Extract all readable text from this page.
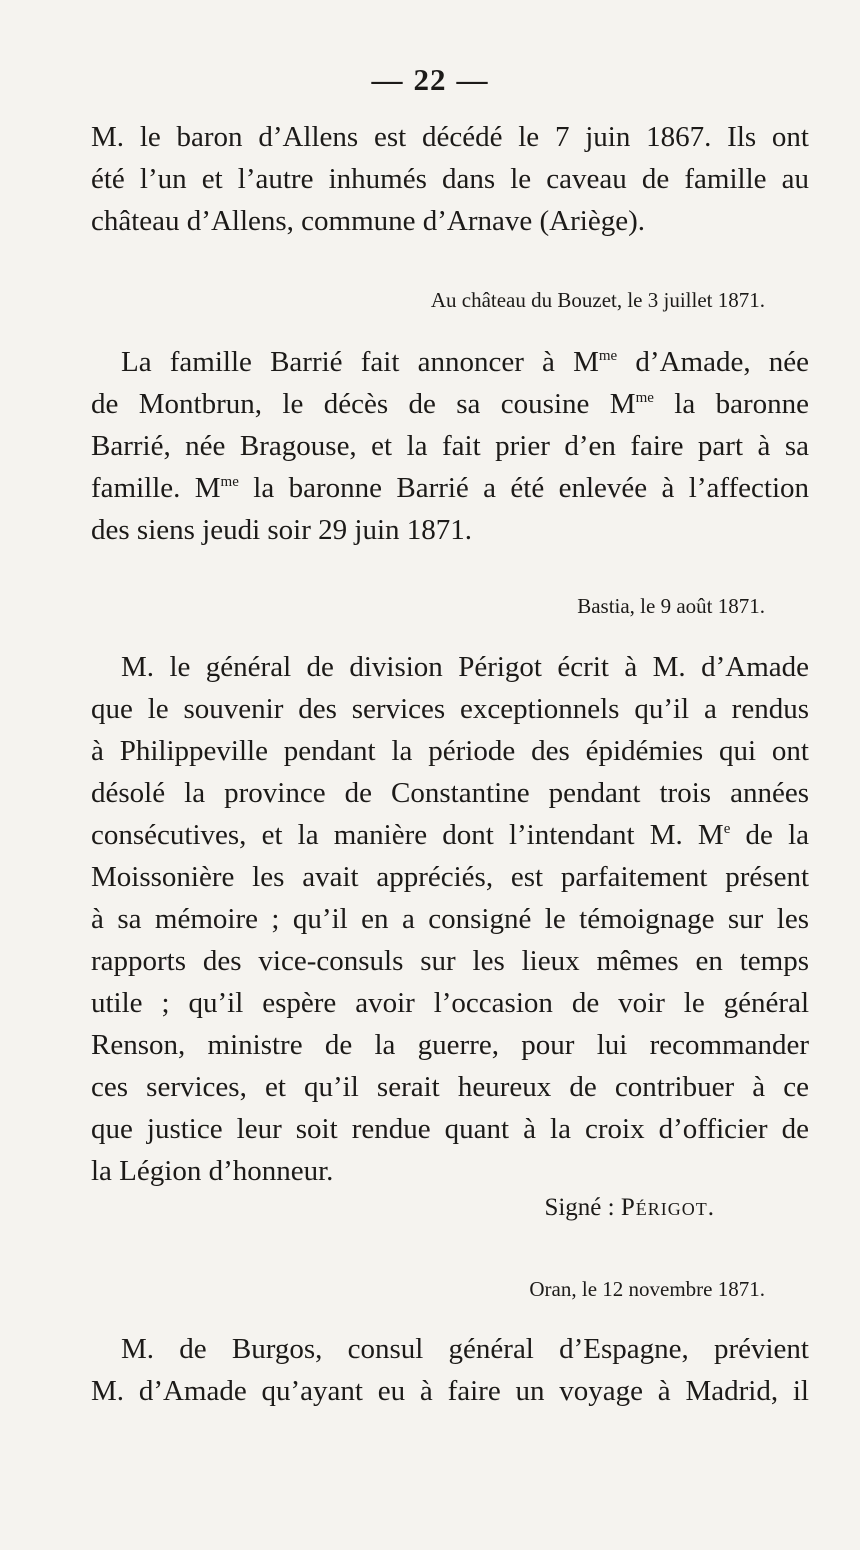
— 22 —
M. le baron d’Allens est décédé le 7 juin 1867. Ils ont
été l’un et l’autre inhumés dans le caveau de famille au
château d’Allens, commune d’Arnave (Ariège).
Au château du Bouzet, le 3 juillet 1871.
La famille Barrié fait annoncer à $M^{me}$ d’Amade, née
de Montbrun, le décès de sa cousine $M^{me}$ la baronne
Barrié, née Bragouse, et la fait prier d’en faire part à sa
famille. $M^{me}$ la baronne Barrié a été enlevée à l’affection
des siens jeudi soir 29 juin 1871.
Bastia, le 9 août 1871.
M. le général de division Périgot écrit à M. d’Amade
que le souvenir des services exceptionnels qu’il a rendus
à Philippeville pendant la période des épidémies qui ont
désolé la province de Constantine pendant trois années
consécutives, et la manière dont l’intendant M. Me de la
Moissonière les avait appréciés, est parfaitement présent
à sa mémoire ; qu’il en a consigné le témoignage sur les
rapports des vice-consuls sur les lieux mêmes en temps
utile ; qu’il espère avoir l’occasion de voir le général
Renson, ministre de la guerre, pour lui recommander
ces services, et qu’il serait heureux de contribuer à ce
que justice leur soit rendue quant à la croix d’officier de
la Légion d’honneur.
Signé : Périgot.
Oran, le 12 novembre 1871.
M. de Burgos, consul général d’Espagne, prévient
M. d’Amade qu’ayant eu à faire un voyage à Madrid, il
